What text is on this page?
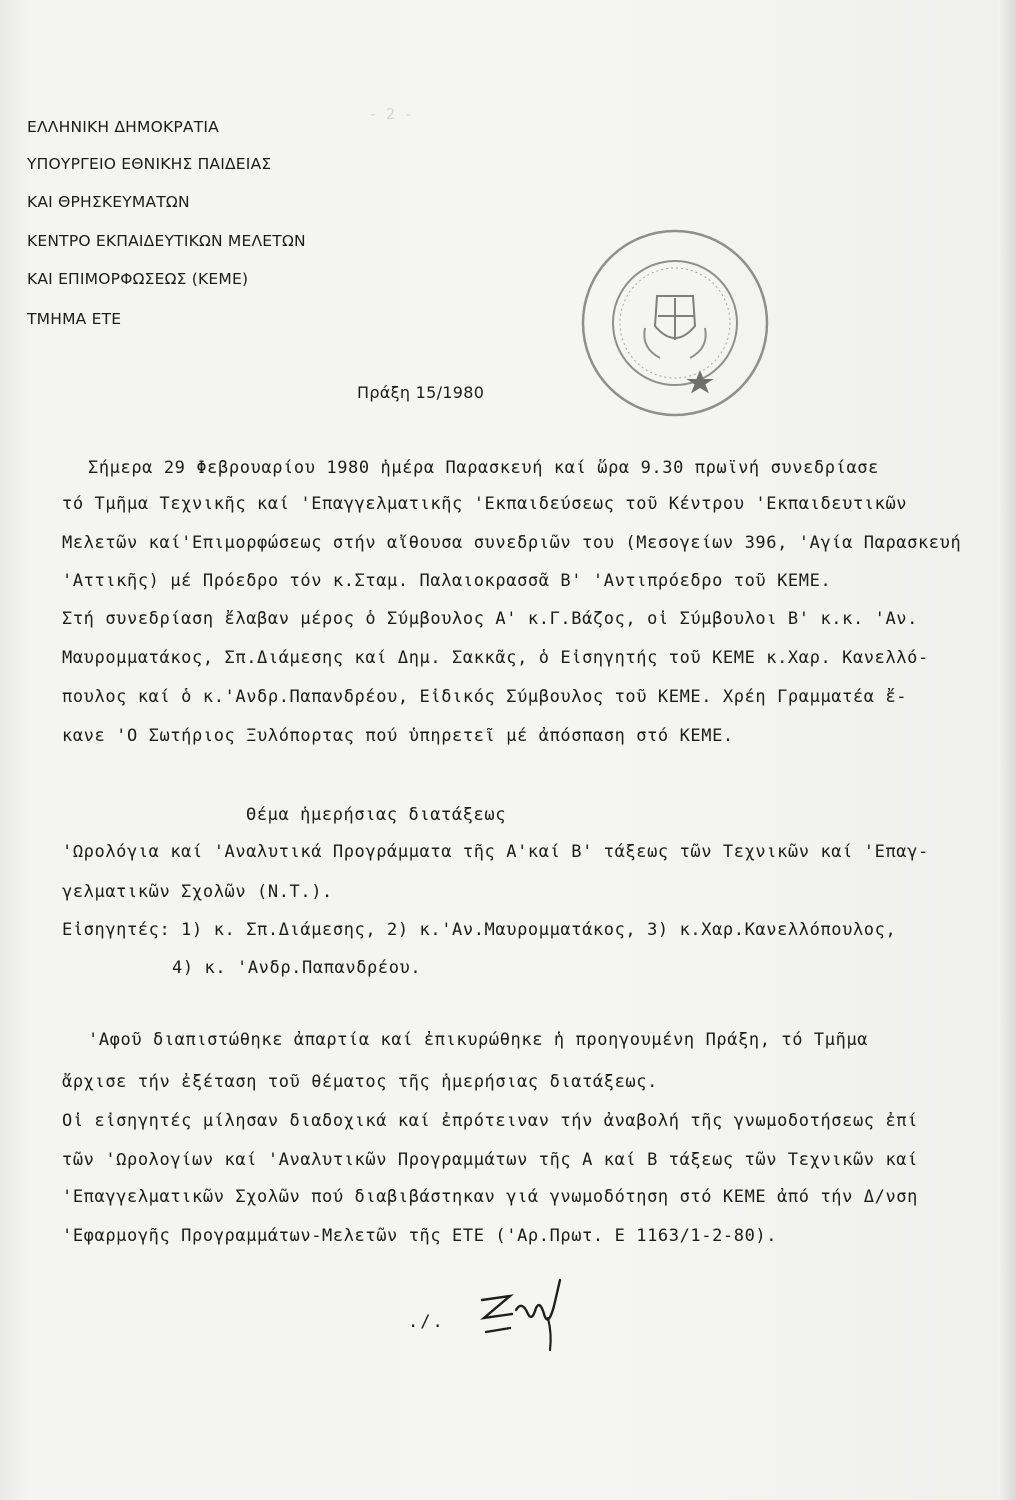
- 2 -
ΕΛΛΗΝΙΚΗ ΔΗΜΟΚΡΑΤΙΑ
ΥΠΟΥΡΓΕΙΟ ΕΘΝΙΚΗΣ ΠΑΙΔΕΙΑΣ
ΚΑΙ ΘΡΗΣΚΕΥΜΑΤΩΝ
ΚΕΝΤΡΟ ΕΚΠΑΙΔΕΥΤΙΚΩΝ ΜΕΛΕΤΩΝ
ΚΑΙ ΕΠΙΜΟΡΦΩΣΕΩΣ (ΚΕΜΕ)
ΤΜΗΜΑ ΕΤΕ
Πράξη 15/1980
Σήμερα 29 Φεβρουαρίου 1980 ἡμέρα Παρασκευή καί ὥρα 9.30 πρωϊνή συνεδρίασε
τό Τμῆμα Τεχνικῆς καί 'Επαγγελματικῆς 'Εκπαιδεύσεως τοῦ Κέντρου 'Εκπαιδευτικῶν
Μελετῶν καί'Επιμορφώσεως στήν αἴθουσα συνεδριῶν του (Μεσογείων 396, 'Αγία Παρασκευή
'Αττικῆς) μέ Πρόεδρο τόν κ.Σταμ. Παλαιοκρασσᾶ Β' 'Αντιπρόεδρο τοῦ ΚΕΜΕ.
Στή συνεδρίαση ἔλαβαν μέρος ὁ Σύμβουλος Α' κ.Γ.Βάζος, οἱ Σύμβουλοι Β' κ.κ. 'Αν.
Μαυρομματάκος, Σπ.Διάμεσης καί Δημ. Σακκᾶς, ὁ Εἰσηγητής τοῦ ΚΕΜΕ κ.Χαρ. Κανελλό-
πουλος καί ὁ κ.'Ανδρ.Παπανδρέου, Εἰδικός Σύμβουλος τοῦ ΚΕΜΕ. Χρέη Γραμματέα ἔ-
κανε 'Ο Σωτήριος Ξυλόπορτας πού ὑπηρετεῖ μέ ἀπόσπαση στό ΚΕΜΕ.
Θέμα ἡμερήσιας διατάξεως
'Ωρολόγια καί 'Αναλυτικά Προγράμματα τῆς Α'καί Β' τάξεως τῶν Τεχνικῶν καί 'Επαγ-
γελματικῶν Σχολῶν (Ν.Τ.).
Εἰσηγητές: 1) κ. Σπ.Διάμεσης, 2) κ.'Αν.Μαυρομματάκος, 3) κ.Χαρ.Κανελλόπουλος,
4) κ. 'Ανδρ.Παπανδρέου.
'Αφοῦ διαπιστώθηκε ἀπαρτία καί ἐπικυρώθηκε ἡ προηγουμένη Πράξη, τό Τμῆμα
ἄρχισε τήν ἐξέταση τοῦ θέματος τῆς ἡμερήσιας διατάξεως.
Οἱ εἰσηγητές μίλησαν διαδοχικά καί ἐπρότειναν τήν ἀναβολή τῆς γνωμοδοτήσεως ἐπί
τῶν 'Ωρολογίων καί 'Αναλυτικῶν Προγραμμάτων τῆς Α καί Β τάξεως τῶν Τεχνικῶν καί
'Επαγγελματικῶν Σχολῶν πού διαβιβάστηκαν γιά γνωμοδότηση στό ΚΕΜΕ ἀπό τήν Δ/νση
'Εφαρμογῆς Προγραμμάτων-Μελετῶν τῆς ΕΤΕ ('Αρ.Πρωτ. Ε 1163/1-2-80).
./.
